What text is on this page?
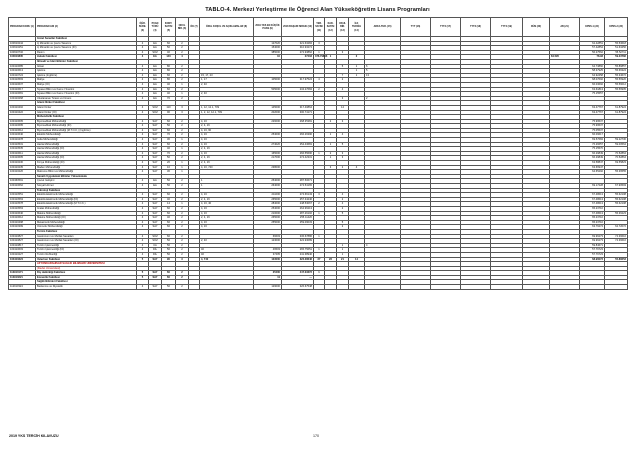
TABLO-4. Merkezi Yerleştirme ile Öğrenci Alan Yükseköğretim Lisans Programları
PROGRAM KODU (1)	PROGRAM ADI (2)	ÖĞR. SÜRE. (3)	PUAN TÜRÜ (4)	KONT. SAYISI (5)	OKUL BİR. (6)	ÖK (7)	ÖZEL KOŞUL VE AÇIKLAMALAR (8)	2018-YKS EN KÜÇÜK PUAN (9)	2018 BAŞARI SIRASI (10)	YER. SAYISI (11)	KAD. SAYISI (12)	OKUL BİR. (13)	İLK TERCİH (14)	ARKA TER. (15)	TYT (16)	TYT2 (17)	TYT3 (18)	TYT4 (19)	DÜN (20)	AB (21)	KPSS-1 (22)	KPSS-2 (23)
	Güzel Sanatlar Fakültesi																					
103610244	İç Mimarlık ve Çevre Tasarımı	4	EA	60	2			127020	321.63284	3											62.42851	55.53618
103610251	İç Mimarlık ve Çevre Tasarımı (İÖ)	4	EA	50	2			154000	310.93274												57.42854	51.63456
103610732	Resim	4	SÖZ	40	2			385000	272.93862	1		3									56.27562	55.52711
103610835	Hukuk Fakültesi	4	EA	140	4			10	27403	376.79846	1		2							84.595	78.93	59.23782
	İktisadi ve İdari Bilimler Fakültesi																					
103410685	İktisat	4	EA	80	2							5	1	6							64.73860	55.86857
103410613	İşletme	4	EA	80	2								1	5							58.37925	55.66324
103410724	İşletme (İngilizce)	4	EA	60	2		15, 17, 23					7	1	13							64.92458	55.34672
103410593	Maliye	4	EA	80	2		1, 17	105000	317.97524	4		2									68.07692	55.56926
103410637	Maliye (İÖ)	4	EA	40	1		2, 40														66.03692	55.56012
103410617	Siyaset Bilimi ve Kamu Yönetimi	4	EA	60	2			505000	234.27684	2		4									63.61813	55.56905
103410681	Siyaset Bilimi ve Kamu Yönetimi (İÖ)	4	EA	40	1		2, 40														75.15557	
103410268	Uluslararası Ticaret ve Finans	4	EA	70	2							3		2								
	İslami İlimler Fakültesi																					
103410402	İslami İlimler	4	SÖZ	110	3		1, 12, 12.1, 709	145000	317.40864			14									63.47767	61.87924
103410422	İslami İlimler (İÖ)	4	SÖZ	90	3		1, 2, 12, 12.1, 709	202000	300.74171												63.47767	61.87924
	Mühendislik Fakültesi																					
103410605	Biyomedikal Mühendisliği	4	SAY	60	2		4, 16	226000	268.35381		2	3									75.99537	
103410695	Biyomedikal Mühendisliği (İÖ)	4	SAY	50	2		2, 4, 16														75.99537	
103410612	Biyomedikal Mühendisliği (M.T.O.K.) (İngilizce)	4	SAY	60	2		4, 16, 90														75.05537	
103410640	Elektrik Mühendisliği	4	SAY	70	2		4, 16	254000	266.26390		1	4									66.09617	
103410478	Gıda Mühendisliği	4	SAY	30	1		4, 16														69.57684	59.22730
103410531	Harita Mühendisliği	4	SAY	60	2		4, 16	274020	254.43681		1	5									76.26657	59.00564
103410535	Harita Mühendisliği (İÖ)	4	SAY	40	1		2, 4, 16														75.15570	
103410611	Harita Mühendisliği	4	SAY	70	2		4, 16	165000	266.55690	1	2	3									66.29849	70.52864
103410605	Harita Mühendisliği (İÖ)	4	SAY	50	2		2, 4, 16	217000	274.42331		1	3									66.29849	70.52864
103410230	Kimya Mühendisliği (İÖ)	4	SAY	20	1		2, 4, 16														63.58847	69.55823
103410235	Maden Mühendisliği	4	SAY	10	1		4, 16, 740	238000			3	2	4								63.66947	
103410226	Malzeme Bilimi ve Mühendisliği	4	SAY	30	1																64.65292	55.36555
	Sanatlı Uygulamalı Bilimler Yüksekokulu																					
103460591	Çocuk Gelişimi	4	EA	50	2		1	254000	287.50671													
103410662	Sosyal Hizmet	4	EA	50	2		1	264000	274.54165												69.17228	67.90593
	Teknoloji Fakültesi																					
103410551	Elektrik-Elektronik Mühendisliği	4	SAY	60	2		4, 16	211000	274.66143	3		4									67.48613	55.62108
103410563	Elektrik-Elektronik Mühendisliği (İÖ)	4	SAY	40	2		2, 4, 16	265000	257.34246			2									67.48613	55.62108
103410578	Elektrik-Elektronik Mühendisliği (M.T.O.K.)	4	SAY	14	1		4, 16, 40	284000	248.53067	2		4									67.48613	55.62108
103410563	İmalat Mühendisliği	4	SAY	60	2		4, 16	254000	264.96213			2									65.23710	
103410640	Makine Mühendisliği	4	SAY	60	2		4, 16	210000	287.26102	1		5									67.48613	55.36223
103410612	Makine Mühendisliği (İÖ)	4	SAY	40	2		2, 4, 16	265000	255.11420												65.23710	
103410498	Mekatronik Mühendisliği	4	SAY	60	2		4, 16	255000	259.09033			5									65.23710	
103410399	Otomotiv Mühendisliği	4	SAY	60	2		4, 16					2									63.76274	62.72072
	Turizm Fakültesi																					
103410827	Gastronomi ve Mutfak Sanatları	4	SÖZ	60	2			66603	336.67886	1											69.96273	74.36616
103410827	Gastronomi ve Mutfak Sanatları (İÖ)	4	SÖZ	50	2		2, 40	123000	322.93089												69.96273	74.36616
103410817	Turizm İşletmeciliği	4	CA	50	2							1		4							59.84671	
103410603	Turizm İşletmeciliği (İÖ)	4	DİL	50	2		40	46503	265.75651	1		1									57.76723	
103410227	Turizm Rehberliği	4	DİL	50	2		40	37405	241.38940			1									57.76723	
103410224	Veteriner Fakültesi	5	SAY	90	3		4, 740	123000	322.28646	27	26	21	14								68.96073	55.88253
	AFYONKARAHİSAR SAĞLIK BİLİMLERİ ÜNİVERSİTESİ																					
	(Devlet Üniversitesi)																					
112910171	Diş Hekimliği Fakültesi	5	SAY	60	2			25400	447.03372	1												
112910221	Eczacılık Fakültesi	5	SAY	60	2			11	—													
	Sağlık Bilimleri Fakültesi																					
112910324	Beslenme ve Diyetetik	4	SAY	50	2			129000	326.67548													
2019 YKS TERCİH KILAVUZU	170
